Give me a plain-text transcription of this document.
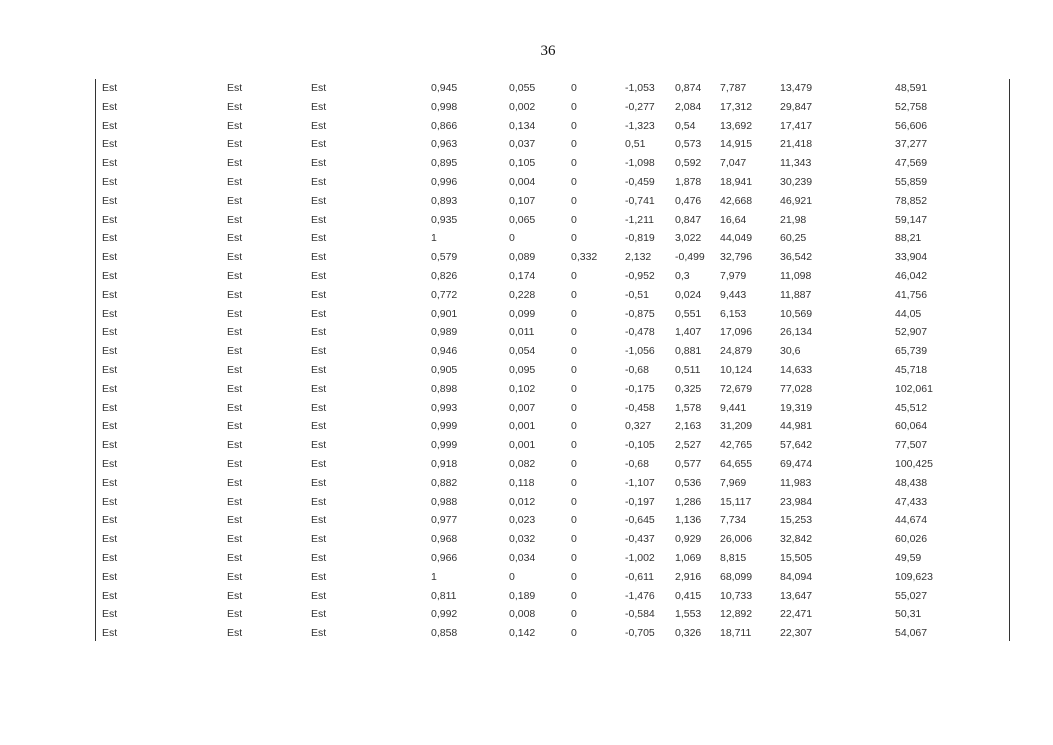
36
Est	Est	Est	0,945	0,055	0	-1,053 0,874 7,787	13,479	48,591
Est	Est	Est	0,998	0,002	0	-0,277 2,084 17,312	29,847	52,758
Est	Est	Est	0,866	0,134	0	-1,323 0,54 13,692	17,417	56,606
Est	Est	Est	0,963	0,037	0	0,51	0,573 14,915	21,418	37,277
Est	Est	Est	0,895	0,105	0	-1,098 0,592 7,047	11,343	47,569
Est	Est	Est	0,996	0,004	0	-0,459 1,878 18,941	30,239	55,859
Est	Est	Est	0,893	0,107	0	-0,741 0,476 42,668	46,921	78,852
Est	Est	Est	0,935	0,065	0	-1,211 0,847 16,64	21,98	59,147
Est	Est	Est	1	0	0	-0,819 3,022 44,049	60,25	88,21
Est	Est	Est	0,579	0,089	0,332	2,132 -0,499 32,796	36,542	33,904
Est	Est	Est	0,826	0,174	0	-0,952 0,3	7,979	11,098	46,042
Est	Est	Est	0,772	0,228	0	-0,51 0,024 9,443	11,887	41,756
Est	Est	Est	0,901	0,099	0	-0,875 0,551 6,153	10,569	44,05
Est	Est	Est	0,989	0,011	0	-0,478 1,407 17,096	26,134	52,907
Est	Est	Est	0,946	0,054	0	-1,056 0,881 24,879	30,6	65,739
Est	Est	Est	0,905	0,095	0	-0,68 0,511 10,124	14,633	45,718
Est	Est	Est	0,898	0,102	0	-0,175 0,325 72,679	77,028	102,061
Est	Est	Est	0,993	0,007	0	-0,458 1,578 9,441	19,319	45,512
Est	Est	Est	0,999	0,001	0	0,327 2,163 31,209	44,981	60,064
Est	Est	Est	0,999	0,001	0	-0,105 2,527 42,765	57,642	77,507
Est	Est	Est	0,918	0,082	0	-0,68 0,577 64,655	69,474	100,425
Est	Est	Est	0,882	0,118	0	-1,107 0,536 7,969	11,983	48,438
Est	Est	Est	0,988	0,012	0	-0,197 1,286 15,117	23,984	47,433
Est	Est	Est	0,977	0,023	0	-0,645 1,136 7,734	15,253	44,674
Est	Est	Est	0,968	0,032	0	-0,437 0,929 26,006	32,842	60,026
Est	Est	Est	0,966	0,034	0	-1,002 1,069 8,815	15,505	49,59
Est	Est	Est	1	0	0	-0,611 2,916 68,099	84,094	109,623
Est	Est	Est	0,811	0,189	0	-1,476 0,415 10,733	13,647	55,027
Est	Est	Est	0,992	0,008	0	-0,584 1,553 12,892	22,471	50,31
Est	Est	Est	0,858	0,142	0	-0,705 0,326 18,711	22,307	54,067
